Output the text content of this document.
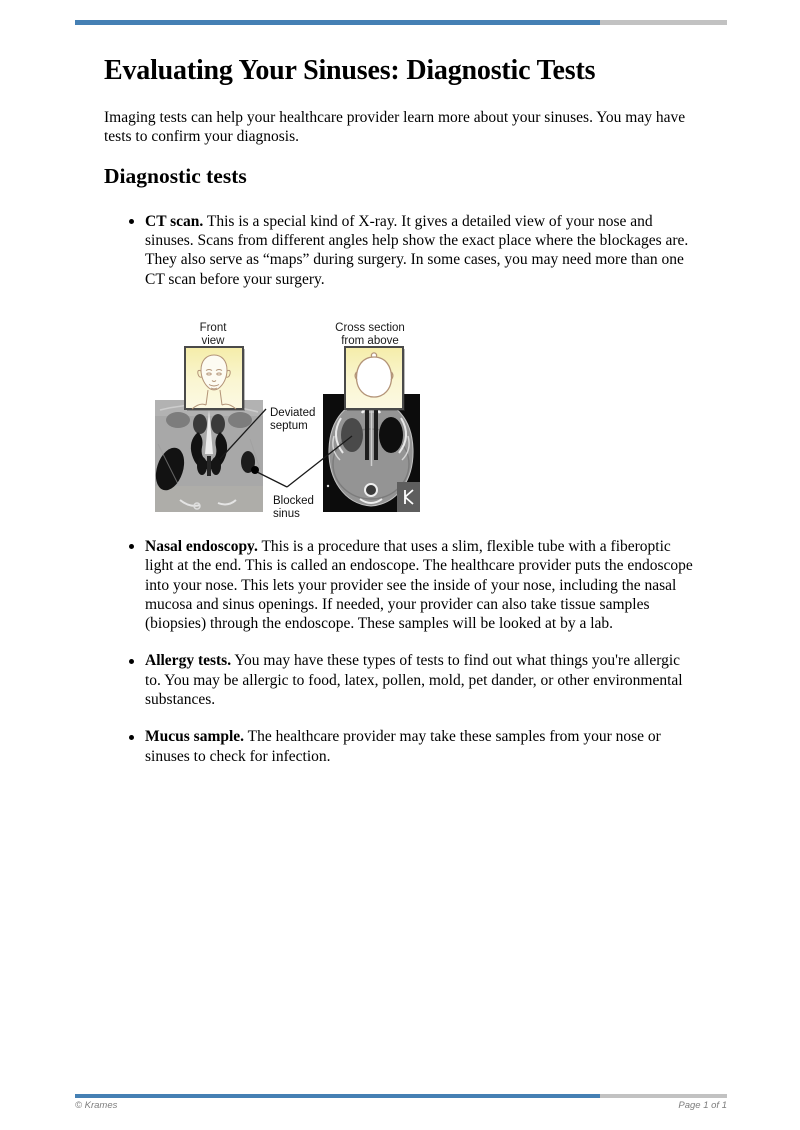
Evaluating Your Sinuses: Diagnostic Tests

Imaging tests can help your healthcare provider learn more about your sinuses. You may have tests to confirm your diagnosis.

Diagnostic tests
CT scan. This is a special kind of X-ray. It gives a detailed view of your nose and sinuses. Scans from different angles help show the exact place where the blockages are. They also serve as “maps” during surgery. In some cases, you may need more than one CT scan before your surgery.
Front
view
Cross section
from above
Deviated
septum
Blocked
sinus
Nasal endoscopy. This is a procedure that uses a slim, flexible tube with a fiberoptic light at the end. This is called an endoscope. The healthcare provider puts the endoscope into your nose. This lets your provider see the inside of your nose, including the nasal mucosa and sinus openings. If needed, your provider can also take tissue samples (biopsies) through the endoscope. These samples will be looked at by a lab.
Allergy tests. You may have these types of tests to find out what things you're allergic to. You may be allergic to food, latex, pollen, mold, pet dander, or other environmental substances.
Mucus sample. The healthcare provider may take these samples from your nose or sinuses to check for infection.
© Krames	Page 1 of 1
